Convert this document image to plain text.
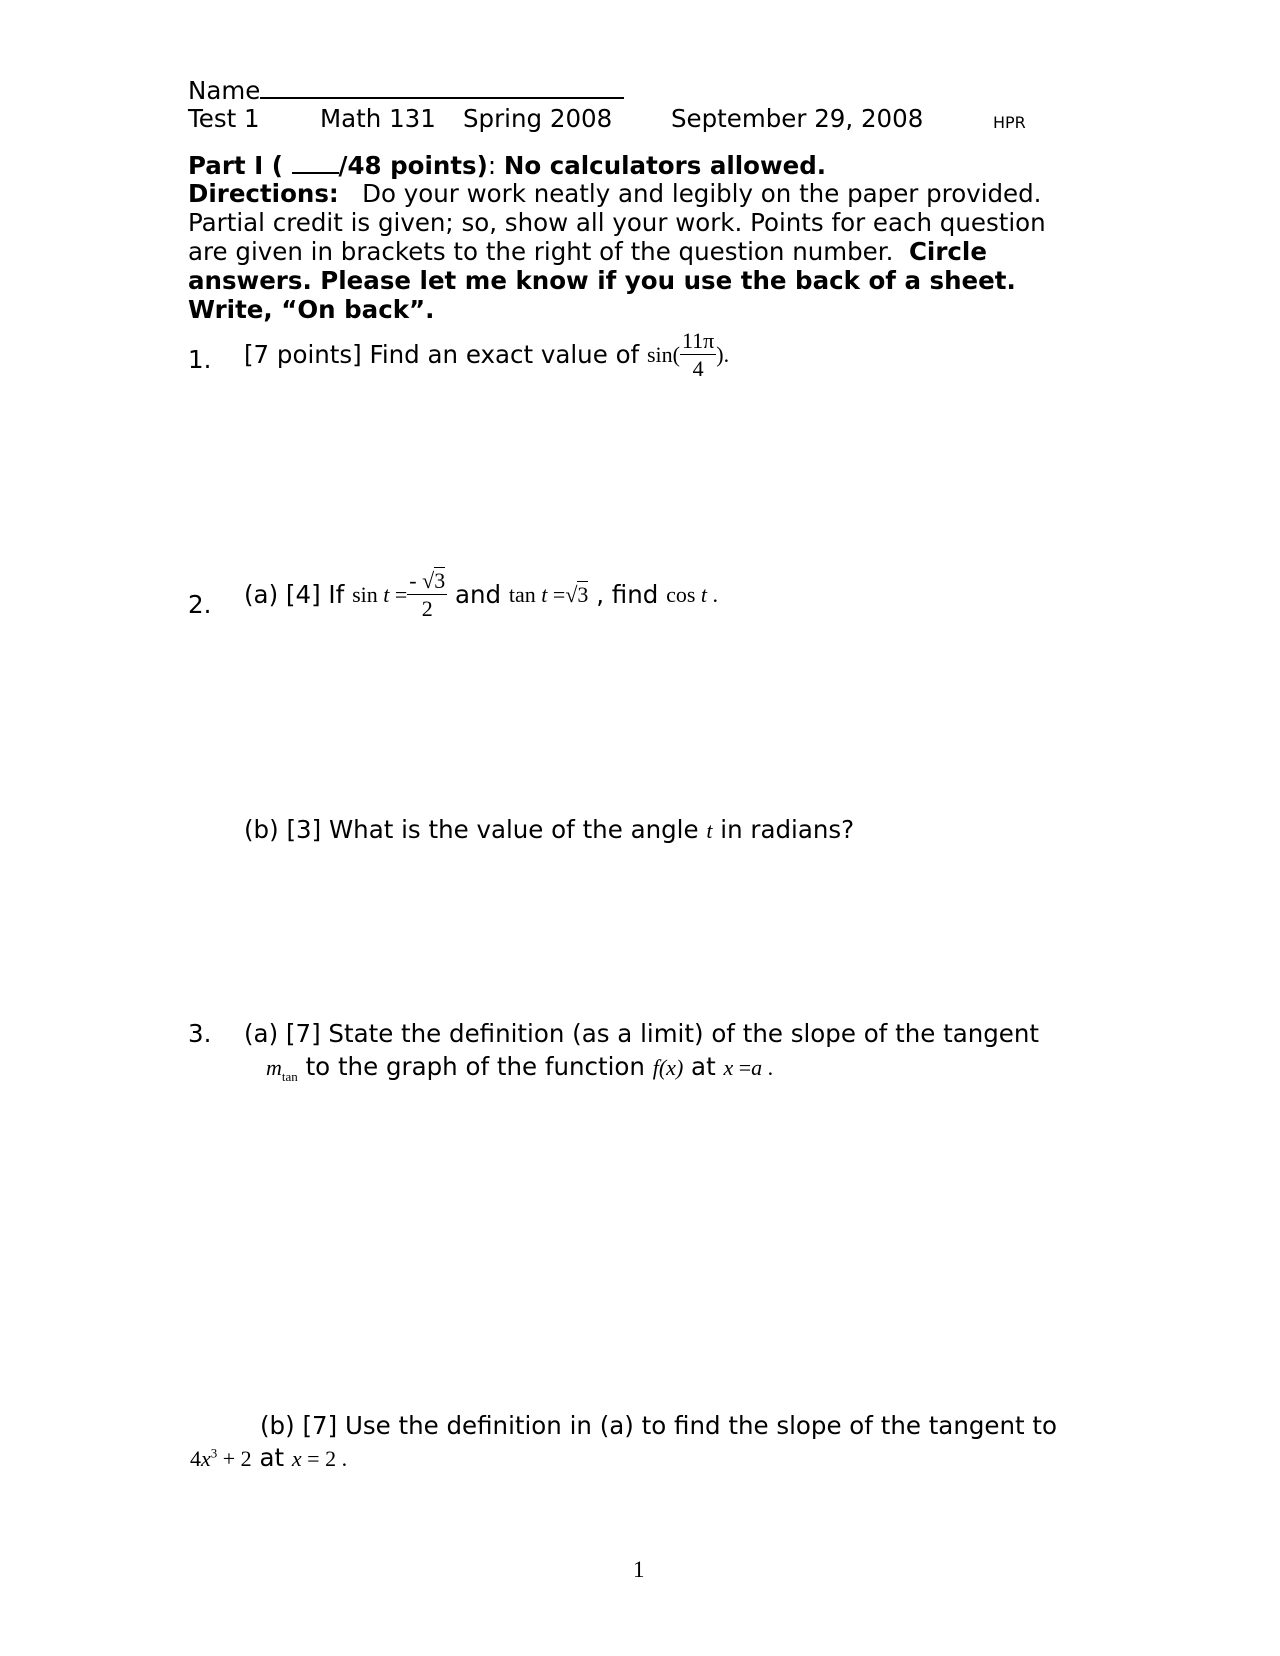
Name
Test 1 Math 131 Spring 2008 September 29, 2008	HPR
Part I ( /48 points): No calculators allowed.
Directions:   Do your work neatly and legibly on the paper provided. Partial credit is given; so, show all your work. Points for each question are given in brackets to the right of the question number.  Circle answers. Please let me know if you use the back of a sheet. Write, “On back”.
1. [7 points] Find an exact value of $\sin( \frac{11\pi}{4}$ ).
2. (a) [4] If $\sin t = \frac{- √3}{2}$ and tan t =√3 , find cos t .
(b) [3] What is the value of the angle t in radians?
3. (a) [7] State the definition (as a limit) of the slope of the tangent
$m_{tan}$ to the graph of the function f(x) at x =a .
(b) [7] Use the definition in (a) to find the slope of the tangent to
$4x^3 + 2$ at x = 2 .
1
